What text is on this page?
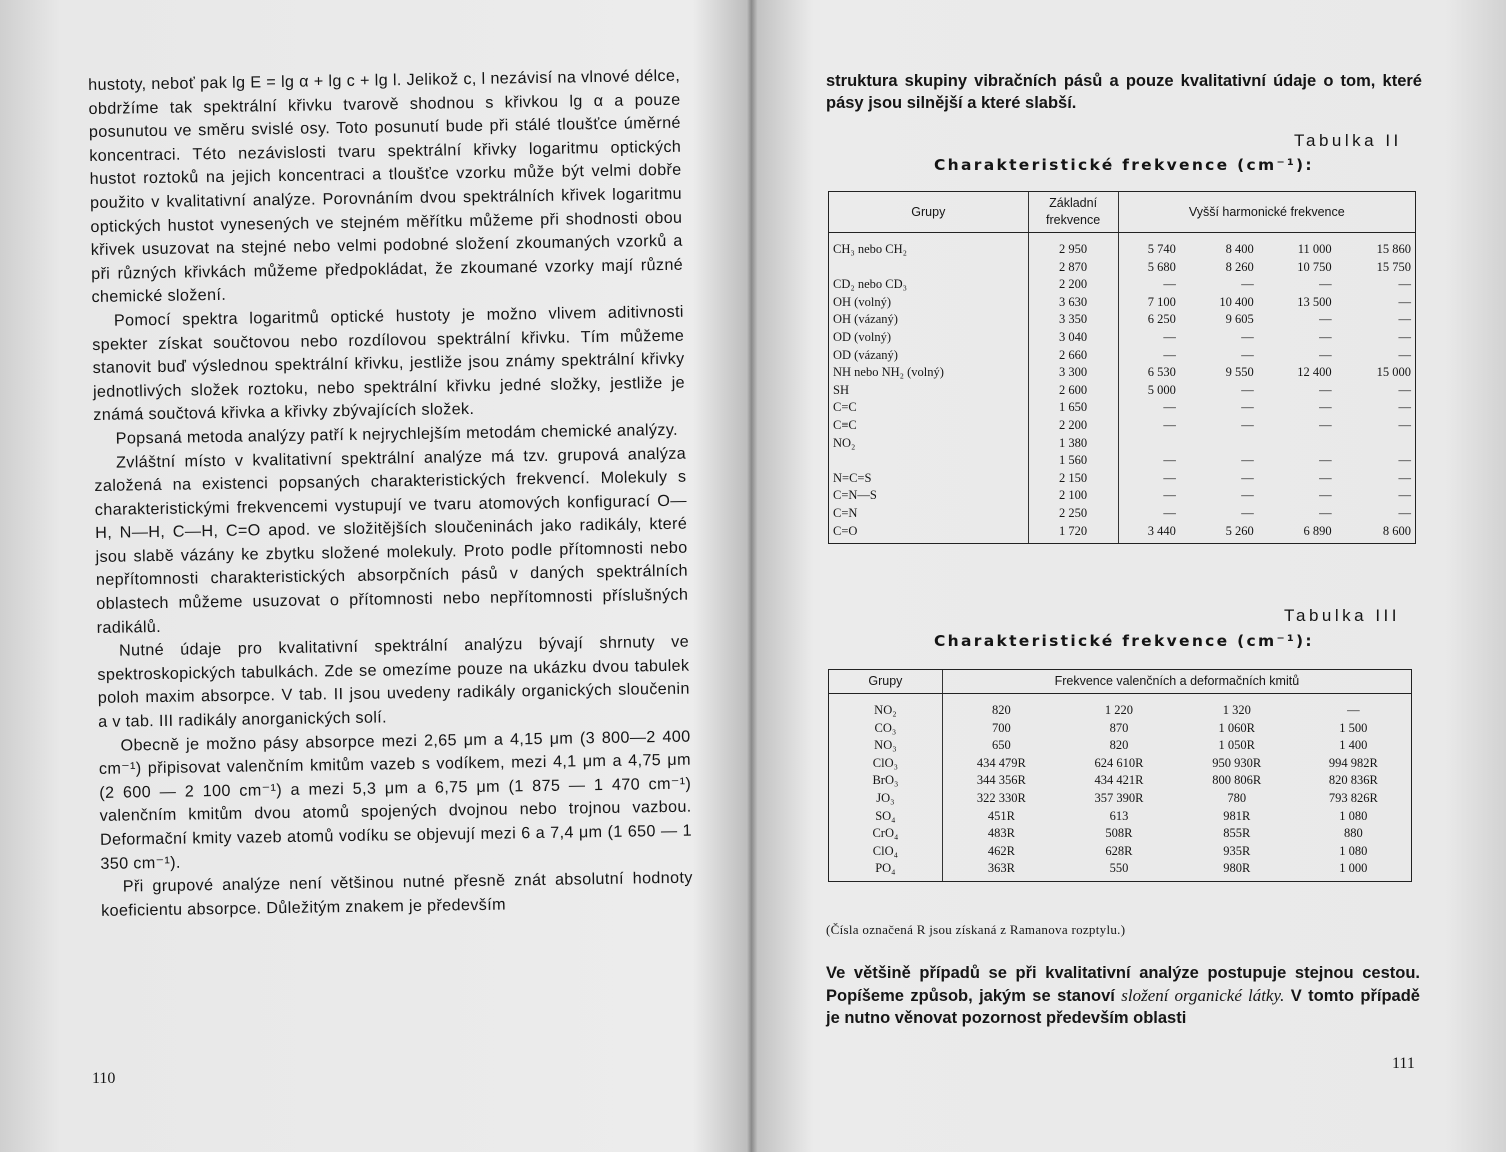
hustoty, neboť pak lg E = lg α + lg c + lg l. Jelikož c, l nezávisí na vlnové délce, obdržíme tak spektrální křivku tvarově shodnou s křivkou lg α a pouze posunutou ve směru svislé osy. Toto posunutí bude při stálé tloušťce úměrné koncentraci. Této nezávislosti tvaru spektrální křivky logaritmu optických hustot roztoků na jejich koncentraci a tloušťce vzorku může být velmi dobře použito v kvalitativní analýze. Porovnáním dvou spektrálních křivek logaritmu optických hustot vynesených ve stejném měřítku můžeme při shodnosti obou křivek usuzovat na stejné nebo velmi podobné složení zkoumaných vzorků a při různých křivkách můžeme předpokládat, že zkoumané vzorky mají různé chemické složení.

Pomocí spektra logaritmů optické hustoty je možno vlivem aditivnosti spekter získat součtovou nebo rozdílovou spektrální křivku. Tím můžeme stanovit buď výslednou spektrální křivku, jestliže jsou známy spektrální křivky jednotlivých složek roztoku, nebo spektrální křivku jedné složky, jestliže je známá součtová křivka a křivky zbývajících složek.

Popsaná metoda analýzy patří k nejrychlejším metodám chemické analýzy.

Zvláštní místo v kvalitativní spektrální analýze má tzv. grupová analýza založená na existenci popsaných charakteristických frekvencí. Molekuly s charakteristickými frekvencemi vystupují ve tvaru atomových konfigurací O—H, N—H, C—H, C=O apod. ve složitějších sloučeninách jako radikály, které jsou slabě vázány ke zbytku složené molekuly. Proto podle přítomnosti nebo nepřítomnosti charakteristických absorpčních pásů v daných spektrálních oblastech můžeme usuzovat o přítomnosti nebo nepřítomnosti příslušných radikálů.

Nutné údaje pro kvalitativní spektrální analýzu bývají shrnuty ve spektroskopických tabulkách. Zde se omezíme pouze na ukázku dvou tabulek poloh maxim absorpce. V tab. II jsou uvedeny radikály organických sloučenin a v tab. III radikály anorganických solí.

Obecně je možno pásy absorpce mezi 2,65 μm a 4,15 μm (3 800—2 400 cm⁻¹) připisovat valenčním kmitům vazeb s vodíkem, mezi 4,1 μm a 4,75 μm (2 600 — 2 100 cm⁻¹) a mezi 5,3 μm a 6,75 μm (1 875 — 1 470 cm⁻¹) valenčním kmitům dvou atomů spojených dvojnou nebo trojnou vazbou. Deformační kmity vazeb atomů vodíku se objevují mezi 6 a 7,4 μm (1 650 — 1 350 cm⁻¹).

Při grupové analýze není většinou nutné přesně znát absolutní hodnoty koeficientu absorpce. Důležitým znakem je především

110
struktura skupiny vibračních pásů a pouze kvalitativní údaje o tom, které pásy jsou silnější a které slabší.
Tabulka II
Charakteristické frekvence (cm⁻¹):
Grupy	Základní frekvence	Vyšší harmonické frekvence			
CH₃ nebo CH₂	2 950	5 740	8 400	11 000	15 860
	2 870	5 680	8 260	10 750	15 750
CD₂ nebo CD₃	2 200	—	—	—	—
OH (volný)	3 630	7 100	10 400	13 500	—
OH (vázaný)	3 350	6 250	9 605	—	—
OD (volný)	3 040	—	—	—	—
OD (vázaný)	2 660	—	—	—	—
NH nebo NH₂ (volný)	3 300	6 530	9 550	12 400	15 000
SH	2 600	5 000	—	—	—
C=C	1 650	—	—	—	—
C≡C	2 200	—	—	—	—
NO₂	1 380				
	1 560	—	—	—	—
N=C=S	2 150	—	—	—	—
C=N—S	2 100	—	—	—	—
C=N	2 250	—	—	—	—
C=O	1 720	3 440	5 260	6 890	8 600
Tabulka III
Charakteristické frekvence (cm⁻¹):
Grupy	Frekvence valenčních a deformačních kmitů			
NO₂	820	1 220	1 320	—
CO₃	700	870	1 060R	1 500
NO₃	650	820	1 050R	1 400
ClO₃	434 479R	624 610R	950 930R	994 982R
BrO₃	344 356R	434 421R	800 806R	820 836R
JO₃	322 330R	357 390R	780	793 826R
SO₄	451R	613	981R	1 080
CrO₄	483R	508R	855R	880
ClO₄	462R	628R	935R	1 080
PO₄	363R	550	980R	1 000
(Čísla označená R jsou získaná z Ramanova rozptylu.)
Ve většině případů se při kvalitativní analýze postupuje stejnou cestou. Popíšeme způsob, jakým se stanoví složení organické látky. V tomto případě je nutno věnovat pozornost především oblasti
111
